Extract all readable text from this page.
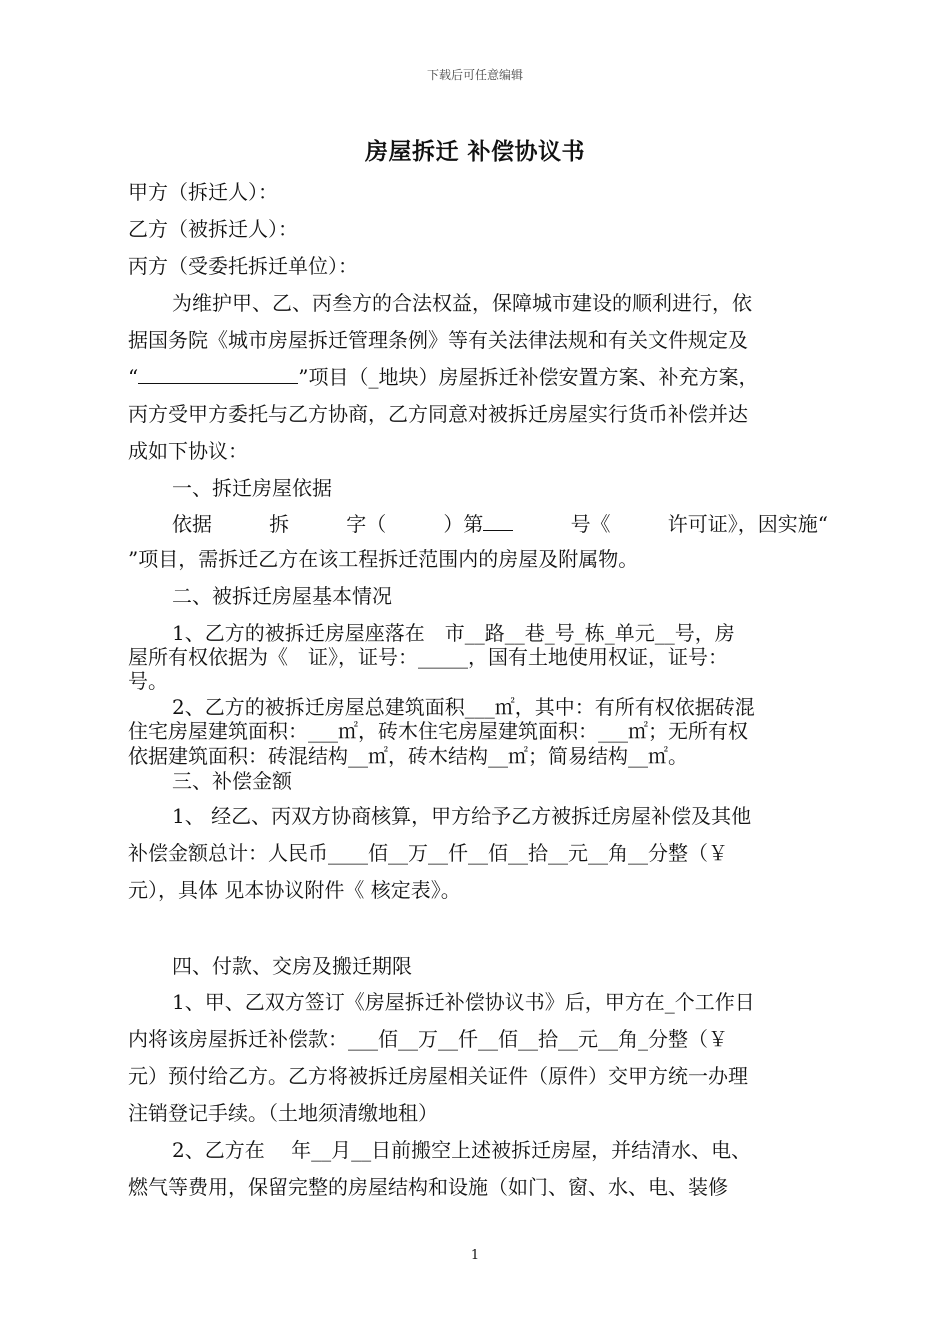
下载后可任意编辑
房屋拆迁 补偿协议书
甲方（拆迁人）：
乙方（被拆迁人）：
丙方（受委托拆迁单位）：
为维护甲、乙、丙叁方的合法权益，保障城市建设的顺利进行，依
据国务院《城市房屋拆迁管理条例》等有关法律法规和有关文件规定及
“	”项目（_地块）房屋拆迁补偿安置方案、补充方案，
丙方受甲方委托与乙方协商，乙方同意对被拆迁房屋实行货币补偿并达
成如下协议：
一、拆迁房屋依据
依据	拆	字（	）第	号《	许可证》，因实施“
”项目，需拆迁乙方在该工程拆迁范围内的房屋及附属物。
二、被拆迁房屋基本情况
1、乙方的被拆迁房屋座落在　市__路__巷_号_栋_单元__号，房
屋所有权依据为《　证》，证号：_____，国有土地使用权证，证号：
号。
2、乙方的被拆迁房屋总建筑面积___㎡，其中：有所有权依据砖混
住宅房屋建筑面积：___㎡，砖木住宅房屋建筑面积：___㎡；无所有权
依据建筑面积：砖混结构__㎡，砖木结构__㎡；简易结构__㎡。
三、补偿金额
1、 经乙、丙双方协商核算，甲方给予乙方被拆迁房屋补偿及其他
补偿金额总计：人民币____佰__万__仟__佰__拾__元__角__分整（￥
元），具体 见本协议附件《 核定表》。
四、付款、交房及搬迁期限
1、甲、乙双方签订《房屋拆迁补偿协议书》后，甲方在_个工作日
内将该房屋拆迁补偿款：___佰__万__仟__佰__拾__元__角_分整（￥
元）预付给乙方。乙方将被拆迁房屋相关证件（原件）交甲方统一办理
注销登记手续。（土地须清缴地租）
2、乙方在　 年__月__日前搬空上述被拆迁房屋，并结清水、电、
燃气等费用，保留完整的房屋结构和设施（如门、窗、水、电、装修
1
